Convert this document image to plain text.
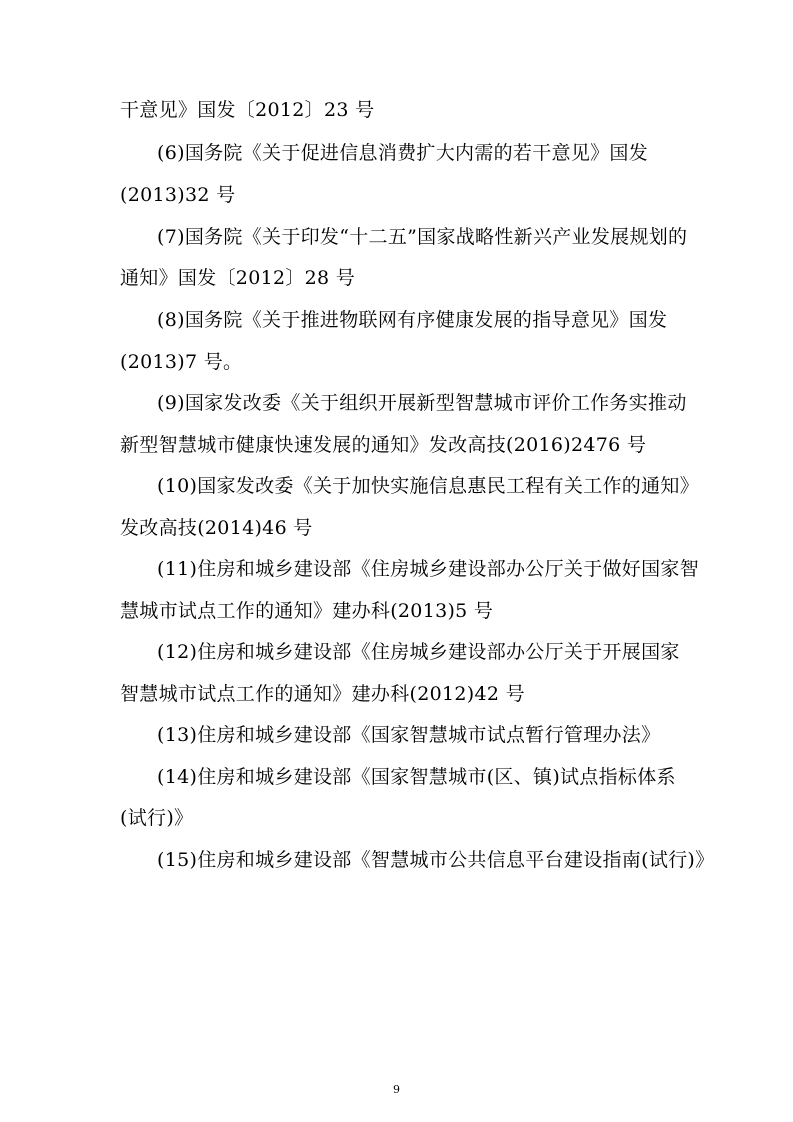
干意见》国发〔2012〕23 号
(6)国务院《关于促进信息消费扩大内需的若干意见》国发
(2013)32 号
(7)国务院《关于印发“十二五”国家战略性新兴产业发展规划的
通知》国发〔2012〕28 号
(8)国务院《关于推进物联网有序健康发展的指导意见》国发
(2013)7 号。
(9)国家发改委《关于组织开展新型智慧城市评价工作务实推动
新型智慧城市健康快速发展的通知》发改高技(2016)2476 号
(10)国家发改委《关于加快实施信息惠民工程有关工作的通知》
发改高技(2014)46 号
(11)住房和城乡建设部《住房城乡建设部办公厅关于做好国家智
慧城市试点工作的通知》建办科(2013)5 号
(12)住房和城乡建设部《住房城乡建设部办公厅关于开展国家
智慧城市试点工作的通知》建办科(2012)42 号
(13)住房和城乡建设部《国家智慧城市试点暂行管理办法》
(14)住房和城乡建设部《国家智慧城市(区、镇)试点指标体系
(试行)》
(15)住房和城乡建设部《智慧城市公共信息平台建设指南(试行)》
9
